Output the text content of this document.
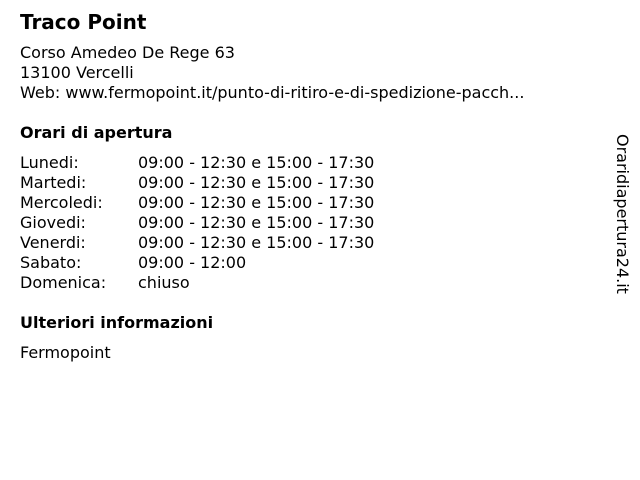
Traco Point
Corso Amedeo De Rege 63
13100 Vercelli
Web: www.fermopoint.it/punto-di-ritiro-e-di-spedizione-pacch...
Orari di apertura
Lunedi:	09:00 - 12:30 e 15:00 - 17:30
Martedi:	09:00 - 12:30 e 15:00 - 17:30
Mercoledi: 09:00 - 12:30 e 15:00 - 17:30
Giovedi:	09:00 - 12:30 e 15:00 - 17:30
Venerdi:	09:00 - 12:30 e 15:00 - 17:30
Sabato:	09:00 - 12:00
Domenica: chiuso
Ulteriori informazioni
Fermopoint
Oraridiapertura24.it
